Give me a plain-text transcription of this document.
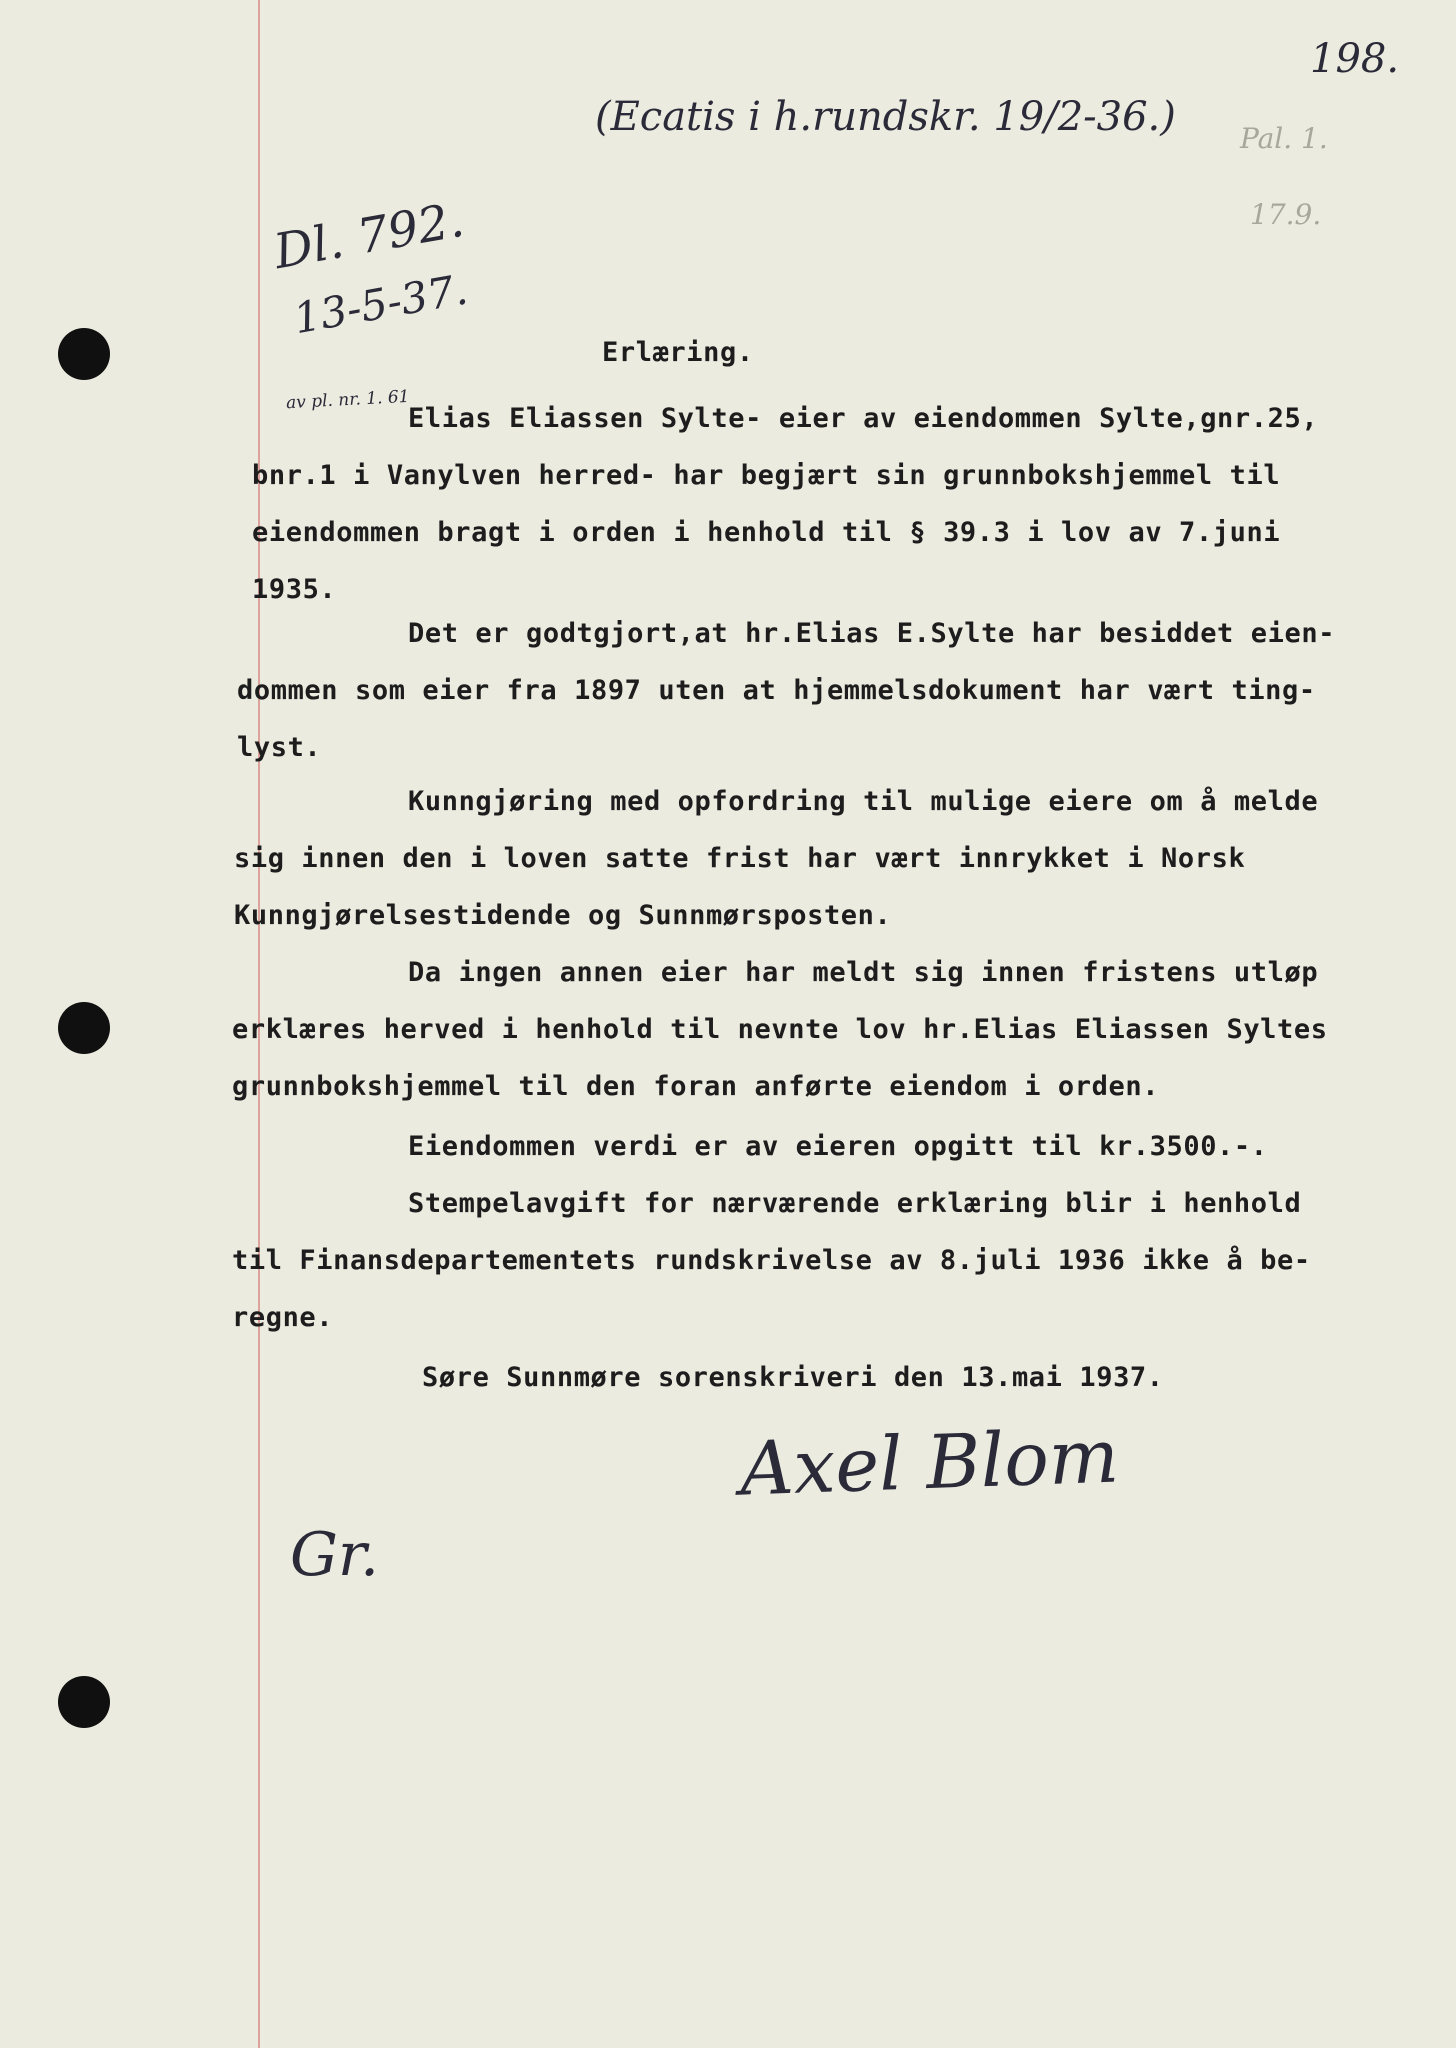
198.
(Ecatis i h.rundskr. 19/2-36.) Pal. 1.
17.9.
Dl. 792.
13-5-37.
Erlæring.
av pl. nr. 1. 61
Elias Eliassen Sylte- eier av eiendommen Sylte,gnr.25,
bnr.1 i Vanylven herred- har begjært sin grunnbokshjemmel til
eiendommen bragt i orden i henhold til § 39.3 i lov av 7.juni
1935.
Det er godtgjort,at hr.Elias E.Sylte har besiddet eien-
dommen som eier fra 1897 uten at hjemmelsdokument har vært ting-
lyst.
Kunngjøring med opfordring til mulige eiere om å melde
sig innen den i loven satte frist har vært innrykket i Norsk
Kunngjørelsestidende og Sunnmørsposten.
Da ingen annen eier har meldt sig innen fristens utløp
erklæres herved i henhold til nevnte lov hr.Elias Eliassen Syltes
grunnbokshjemmel til den foran anførte eiendom i orden.
Eiendommen verdi er av eieren opgitt til kr.3500.-.
Stempelavgift for nærværende erklæring blir i henhold
til Finansdepartementets rundskrivelse av 8.juli 1936 ikke å be-
regne.
Søre Sunnmøre sorenskriveri den 13.mai 1937.
Axel Blom
Gr.
